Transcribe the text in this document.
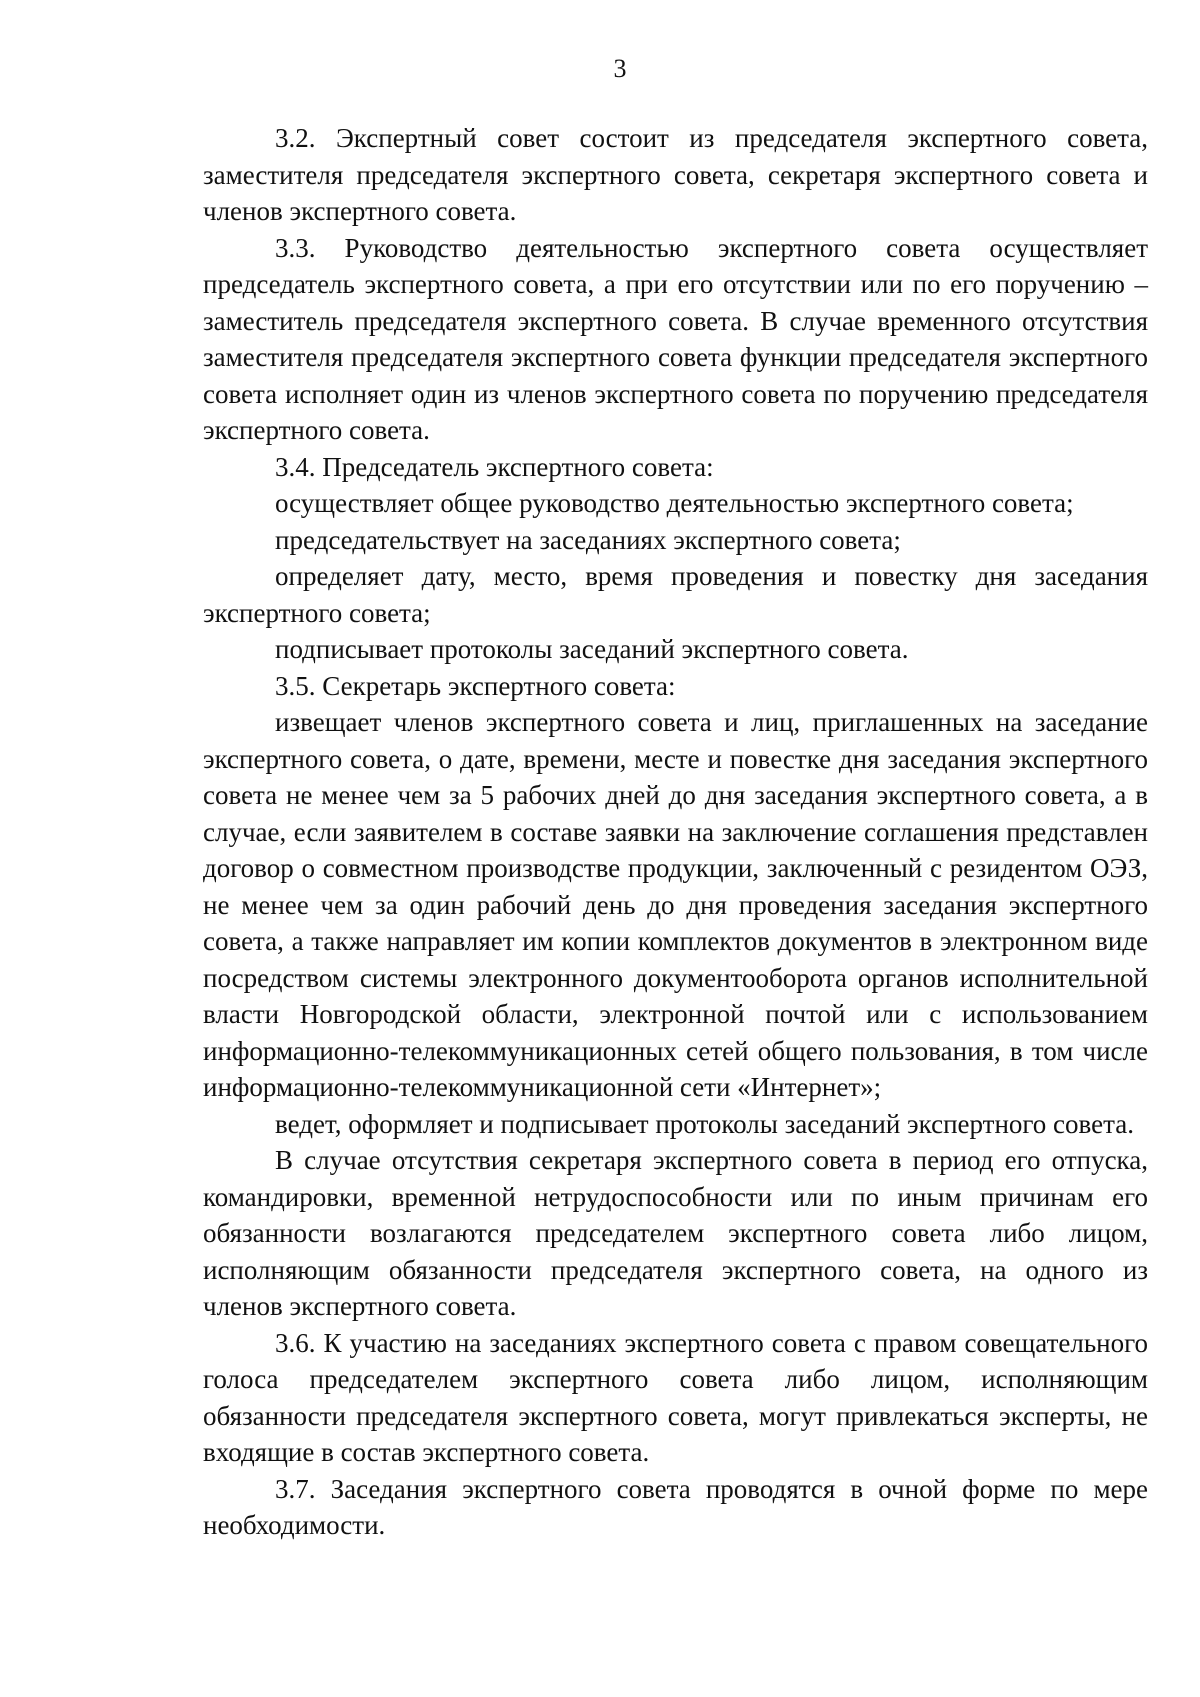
3

3.2. Экспертный совет состоит из председателя экспертного совета, заместителя председателя экспертного совета, секретаря экспертного совета и членов экспертного совета.

3.3. Руководство деятельностью экспертного совета осуществляет председатель экспертного совета, а при его отсутствии или по его поручению – заместитель председателя экспертного совета. В случае временного отсутствия заместителя председателя экспертного совета функции председателя экспертного совета исполняет один из членов экспертного совета по поручению председателя экспертного совета.

3.4. Председатель экспертного совета:

осуществляет общее руководство деятельностью экспертного совета;

председательствует на заседаниях экспертного совета;

определяет дату, место, время проведения и повестку дня заседания экспертного совета;

подписывает протоколы заседаний экспертного совета.

3.5. Секретарь экспертного совета:

извещает членов экспертного совета и лиц, приглашенных на заседание экспертного совета, о дате, времени, месте и повестке дня заседания экспертного совета не менее чем за 5 рабочих дней до дня заседания экспертного совета, а в случае, если заявителем в составе заявки на заключение соглашения представлен договор о совместном производстве продукции, заключенный с резидентом ОЭЗ, не менее чем за один рабочий день до дня проведения заседания экспертного совета, а также направляет им копии комплектов документов в электронном виде посредством системы электронного документооборота органов исполнительной власти Новгородской области, электронной почтой или с использованием информационно-телекоммуникационных сетей общего пользования, в том числе информационно-телекоммуникационной сети «Интернет»;

ведет, оформляет и подписывает протоколы заседаний экспертного совета.

В случае отсутствия секретаря экспертного совета в период его отпуска, командировки, временной нетрудоспособности или по иным причинам его обязанности возлагаются председателем экспертного совета либо лицом, исполняющим обязанности председателя экспертного совета, на одного из членов экспертного совета.

3.6. К участию на заседаниях экспертного совета с правом совещательного голоса председателем экспертного совета либо лицом, исполняющим обязанности председателя экспертного совета, могут привлекаться эксперты, не входящие в состав экспертного совета.

3.7. Заседания экспертного совета проводятся в очной форме по мере необходимости.
